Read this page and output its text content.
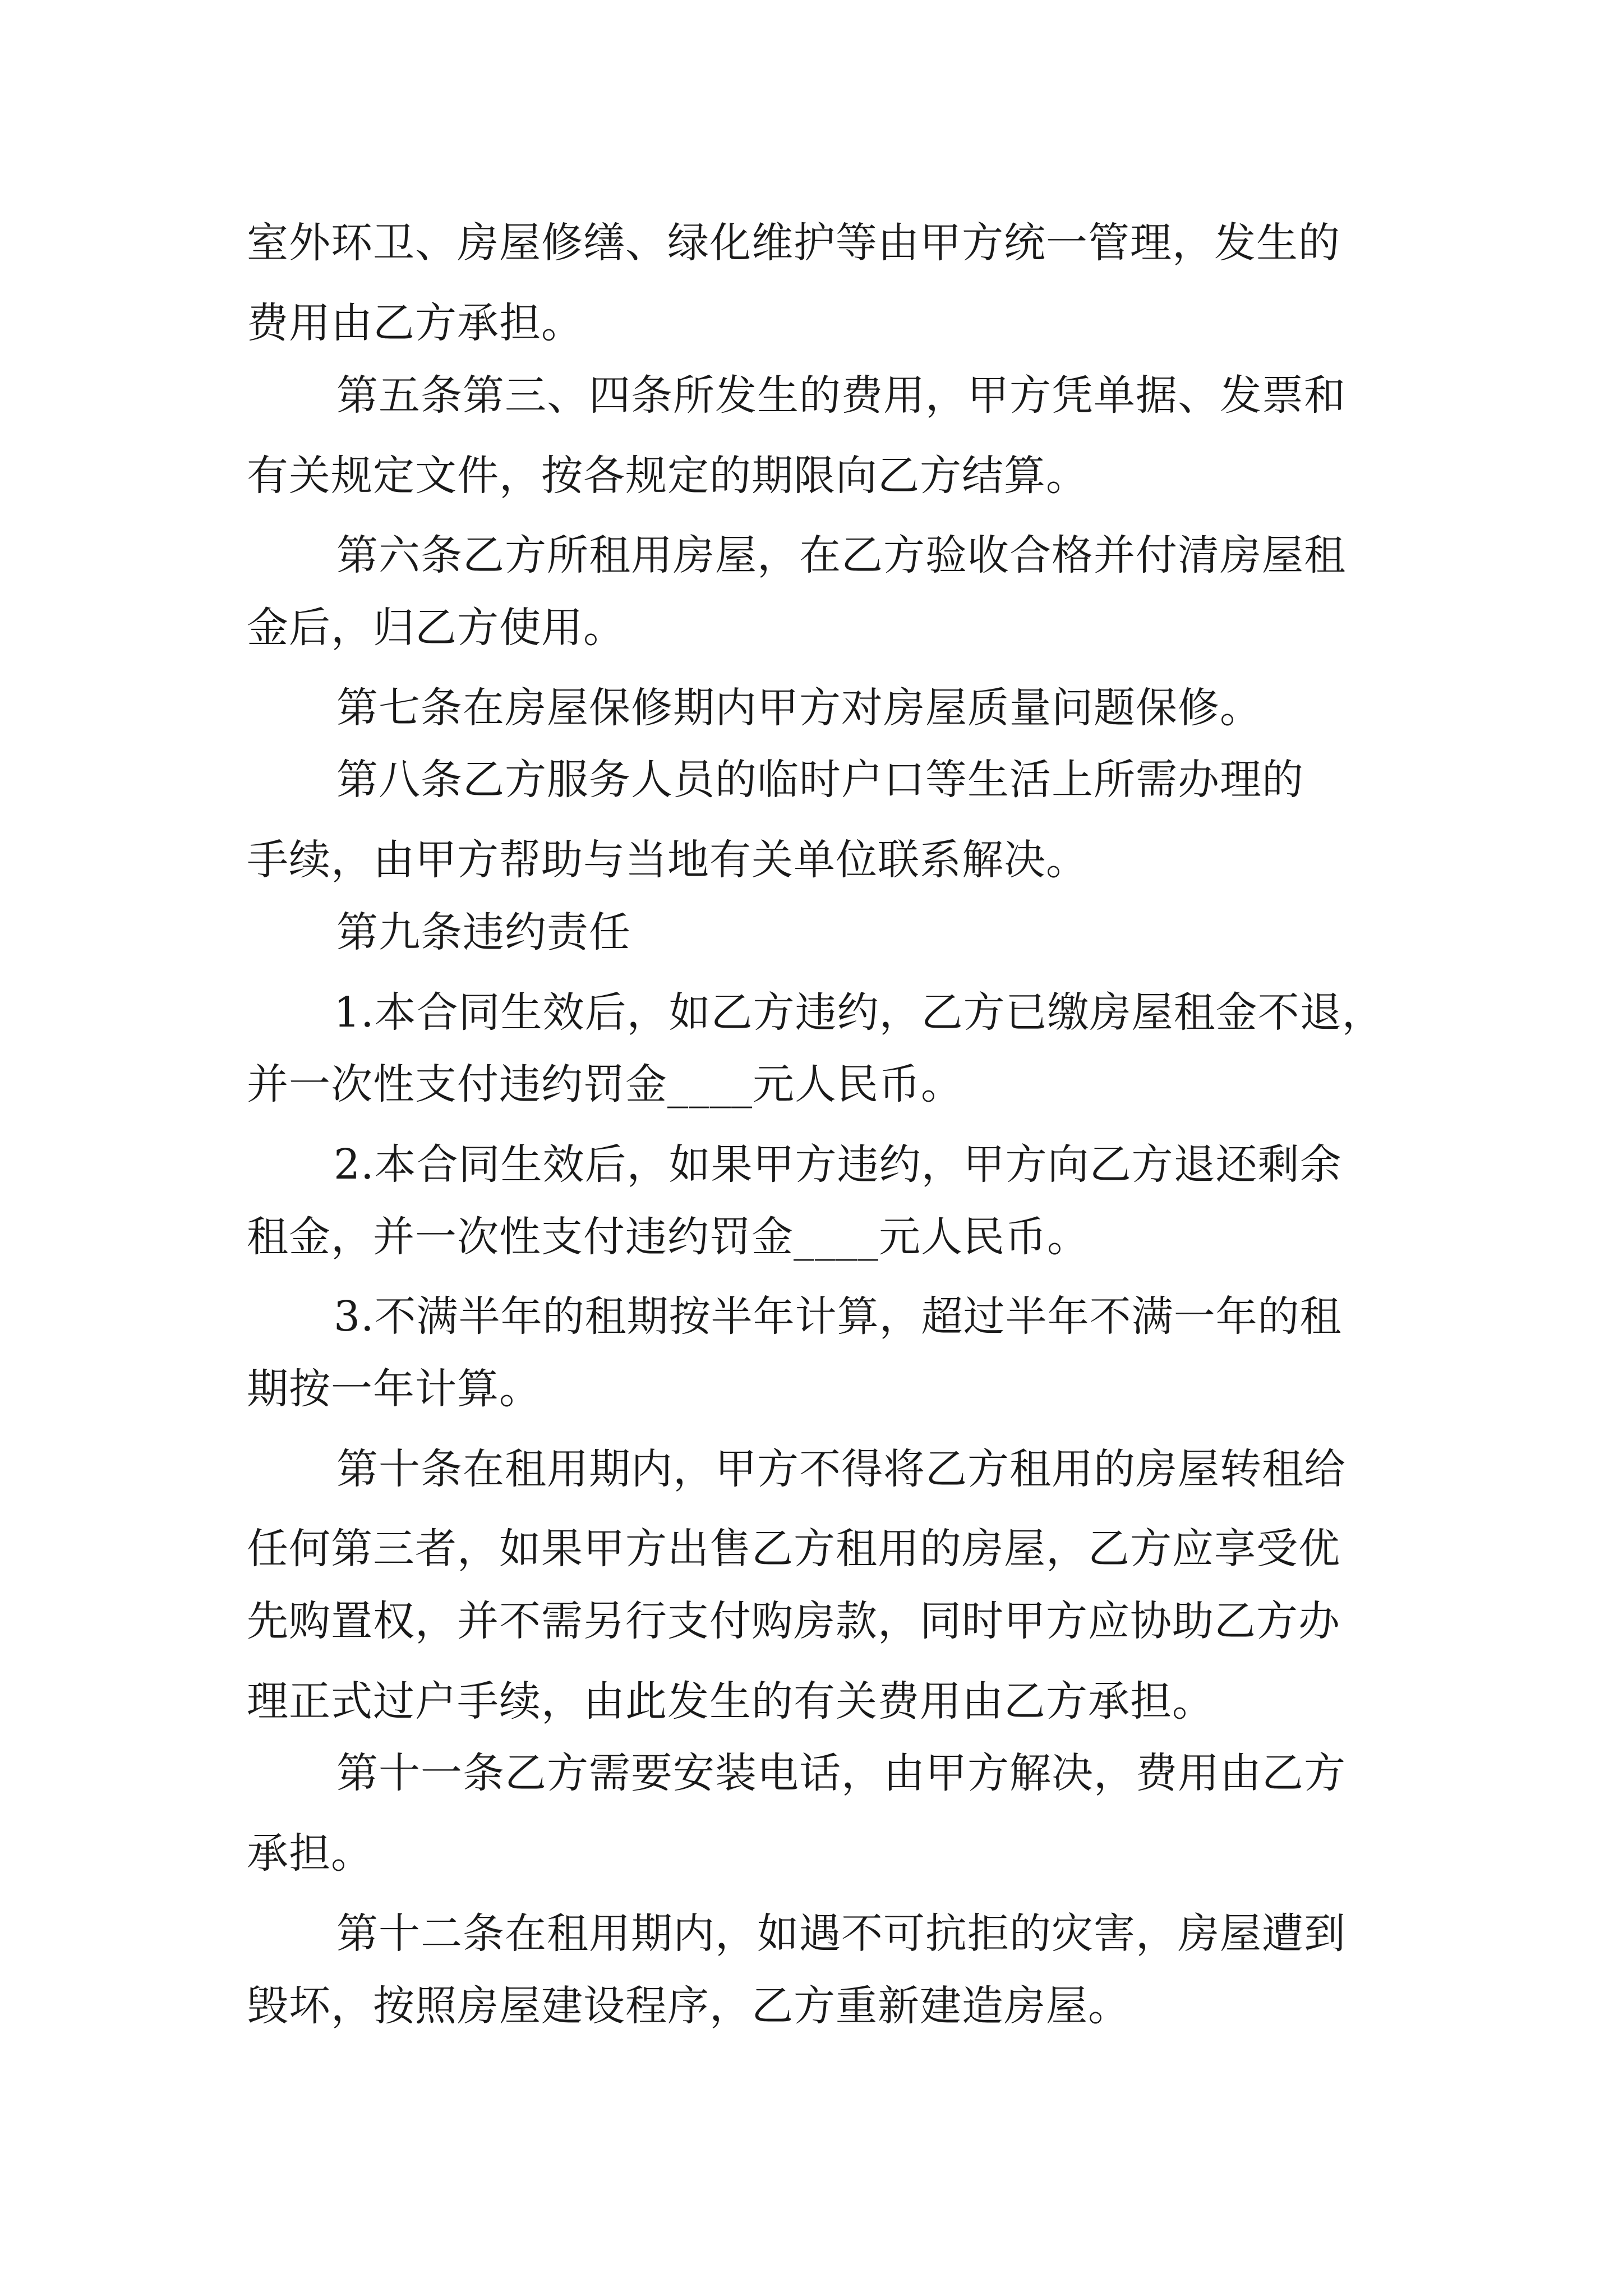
室外环卫、房屋修缮、绿化维护等由甲方统一管理，发生的
费用由乙方承担。
第五条第三、四条所发生的费用，甲方凭单据、发票和
有关规定文件，按各规定的期限向乙方结算。
第六条乙方所租用房屋，在乙方验收合格并付清房屋租
金后，归乙方使用。
第七条在房屋保修期内甲方对房屋质量问题保修。
第八条乙方服务人员的临时户口等生活上所需办理的
手续，由甲方帮助与当地有关单位联系解决。
第九条违约责任
1.本合同生效后，如乙方违约，乙方已缴房屋租金不退，
并一次性支付违约罚金____元人民币。
2.本合同生效后，如果甲方违约，甲方向乙方退还剩余
租金，并一次性支付违约罚金____元人民币。
3.不满半年的租期按半年计算，超过半年不满一年的租
期按一年计算。
第十条在租用期内，甲方不得将乙方租用的房屋转租给
任何第三者，如果甲方出售乙方租用的房屋，乙方应享受优
先购置权，并不需另行支付购房款，同时甲方应协助乙方办
理正式过户手续，由此发生的有关费用由乙方承担。
第十一条乙方需要安装电话，由甲方解决，费用由乙方
承担。
第十二条在租用期内，如遇不可抗拒的灾害，房屋遭到
毁坏，按照房屋建设程序，乙方重新建造房屋。
